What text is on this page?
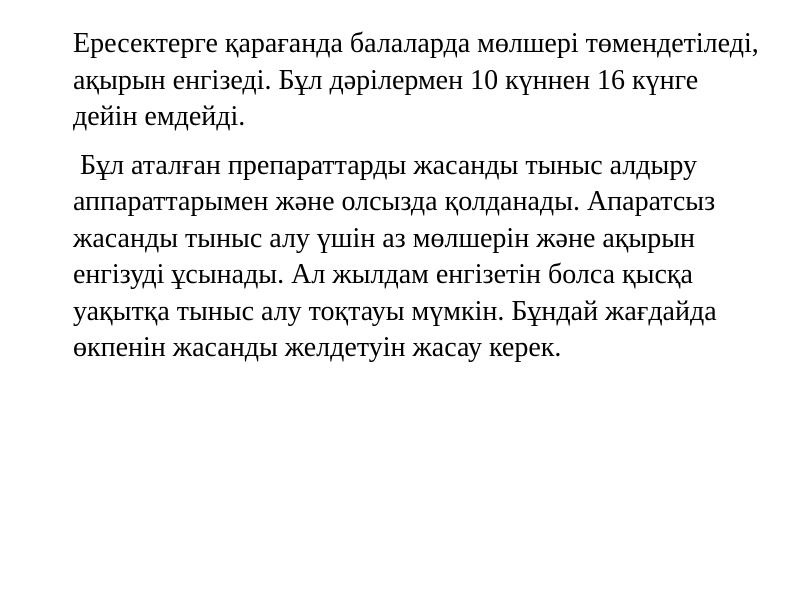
Ересектерге қарағанда балаларда мөлшері төмендетіледі, ақырын енгізеді. Бұл дәрілермен 10 күннен 16 күнге дейін емдейді.

Бұл аталған препараттарды жасанды тыныс алдыру аппараттарымен және олсызда қолданады. Апаратсыз жасанды тыныс алу үшін аз мөлшерін және ақырын енгізуді ұсынады. Ал жылдам енгізетін болса қысқа уақытқа тыныс алу тоқтауы мүмкін. Бұндай жағдайда өкпенін жасанды желдетуін жасау керек.
